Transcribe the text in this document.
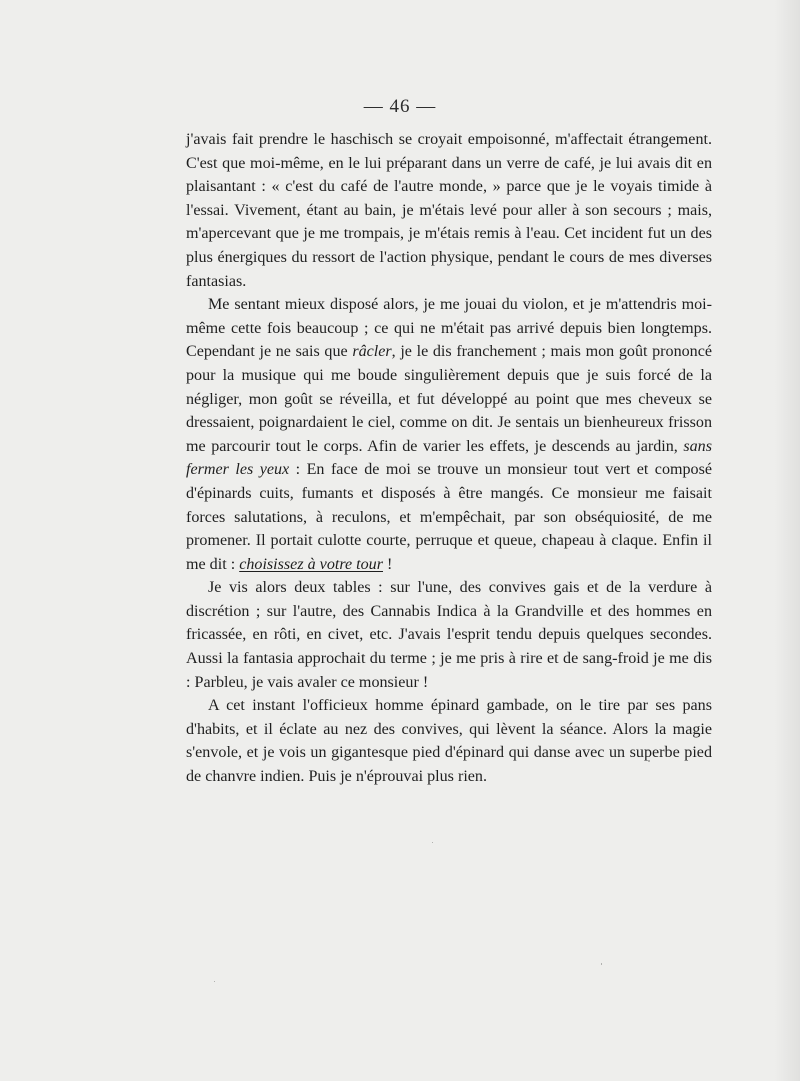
— 46 —

j'avais fait prendre le haschisch se croyait empoisonné, m'affectait étrangement. C'est que moi-même, en le lui préparant dans un verre de café, je lui avais dit en plaisantant : « c'est du café de l'autre monde, » parce que je le voyais timide à l'essai. Vivement, étant au bain, je m'étais levé pour aller à son secours ; mais, m'apercevant que je me trompais, je m'étais remis à l'eau. Cet incident fut un des plus énergiques du ressort de l'action physique, pendant le cours de mes diverses fantasias.

Me sentant mieux disposé alors, je me jouai du violon, et je m'attendris moi-même cette fois beaucoup ; ce qui ne m'était pas arrivé depuis bien longtemps. Cependant je ne sais que râcler, je le dis franchement ; mais mon goût prononcé pour la musique qui me boude singulièrement depuis que je suis forcé de la négliger, mon goût se réveilla, et fut développé au point que mes cheveux se dressaient, poignardaient le ciel, comme on dit. Je sentais un bienheureux frisson me parcourir tout le corps. Afin de varier les effets, je descends au jardin, sans fermer les yeux : En face de moi se trouve un monsieur tout vert et composé d'épinards cuits, fumants et disposés à être mangés. Ce monsieur me faisait forces salutations, à reculons, et m'empêchait, par son obséquiosité, de me promener. Il portait culotte courte, perruque et queue, chapeau à claque. Enfin il me dit : choisissez à votre tour !

Je vis alors deux tables : sur l'une, des convives gais et de la verdure à discrétion ; sur l'autre, des Cannabis Indica à la Grandville et des hommes en fricassée, en rôti, en civet, etc. J'avais l'esprit tendu depuis quelques secondes. Aussi la fantasia approchait du terme ; je me pris à rire et de sang-froid je me dis : Parbleu, je vais avaler ce monsieur !

A cet instant l'officieux homme épinard gambade, on le tire par ses pans d'habits, et il éclate au nez des convives, qui lèvent la séance. Alors la magie s'envole, et je vois un gigantesque pied d'épinard qui danse avec un superbe pied de chanvre indien. Puis je n'éprouvai plus rien.
